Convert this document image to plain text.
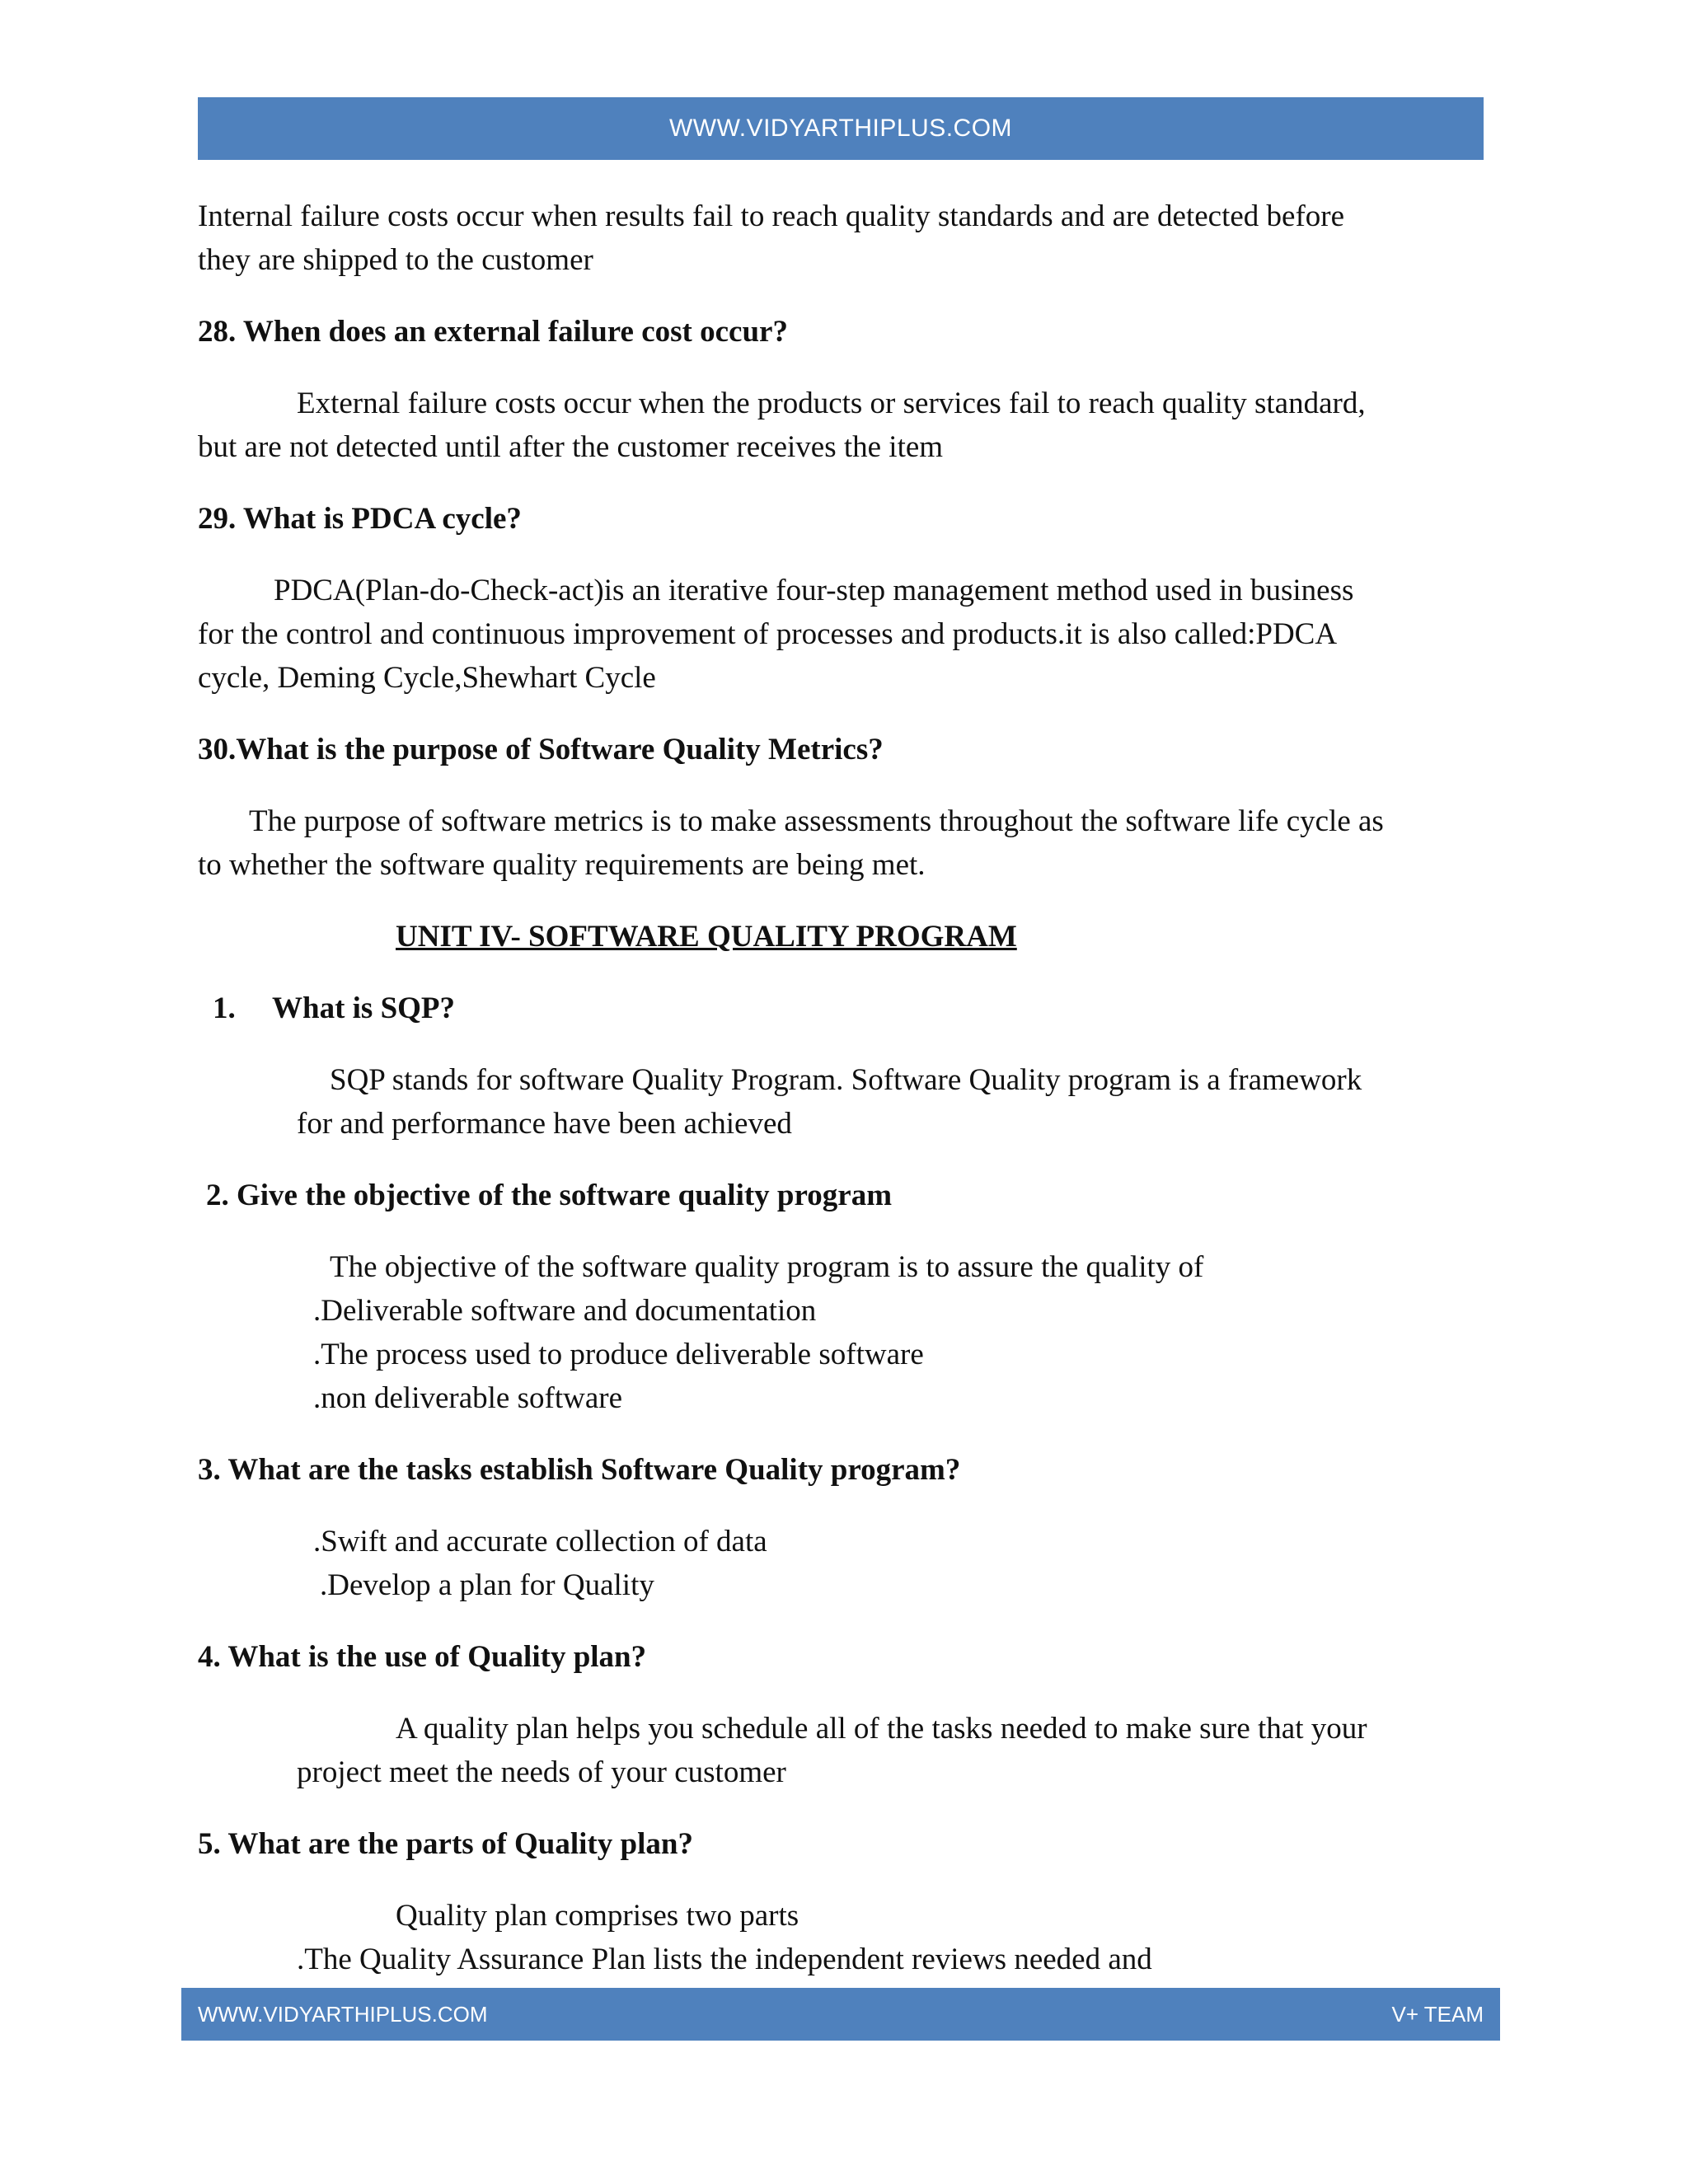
WWW.VIDYARTHIPLUS.COM

Internal failure costs occur when results fail to reach quality standards and are detected before
they are shipped to the customer

28. When does an external failure cost occur?

External failure costs occur when the products or services fail to reach quality standard,
but are not detected until after the customer receives the item

29. What is PDCA cycle?

PDCA(Plan-do-Check-act)is an iterative four-step management method used in business
for the control and continuous improvement of processes and products.it is also called:PDCA
cycle, Deming Cycle,Shewhart Cycle

30.What is the purpose of Software Quality Metrics?

The purpose of software metrics is to make assessments throughout the software life cycle as
to whether the software quality requirements are being met.

UNIT IV- SOFTWARE QUALITY PROGRAM

1.	What is SQP?

SQP stands for software Quality Program. Software Quality program is a framework
for and performance have been achieved

2. Give the objective of the software quality program

The objective of the software quality program is to assure the quality of
.Deliverable software and documentation
.The process used to produce deliverable software
.non deliverable software

3. What are the tasks establish Software Quality program?

.Swift and accurate collection of data
.Develop a plan for Quality

4. What is the use of Quality plan?

A quality plan helps you schedule all of the tasks needed to make sure that your
project meet the needs of your customer

5. What are the parts of Quality plan?

Quality plan comprises two parts
.The Quality Assurance Plan lists the independent reviews needed and

WWW.VIDYARTHIPLUS.COM	V+ TEAM
